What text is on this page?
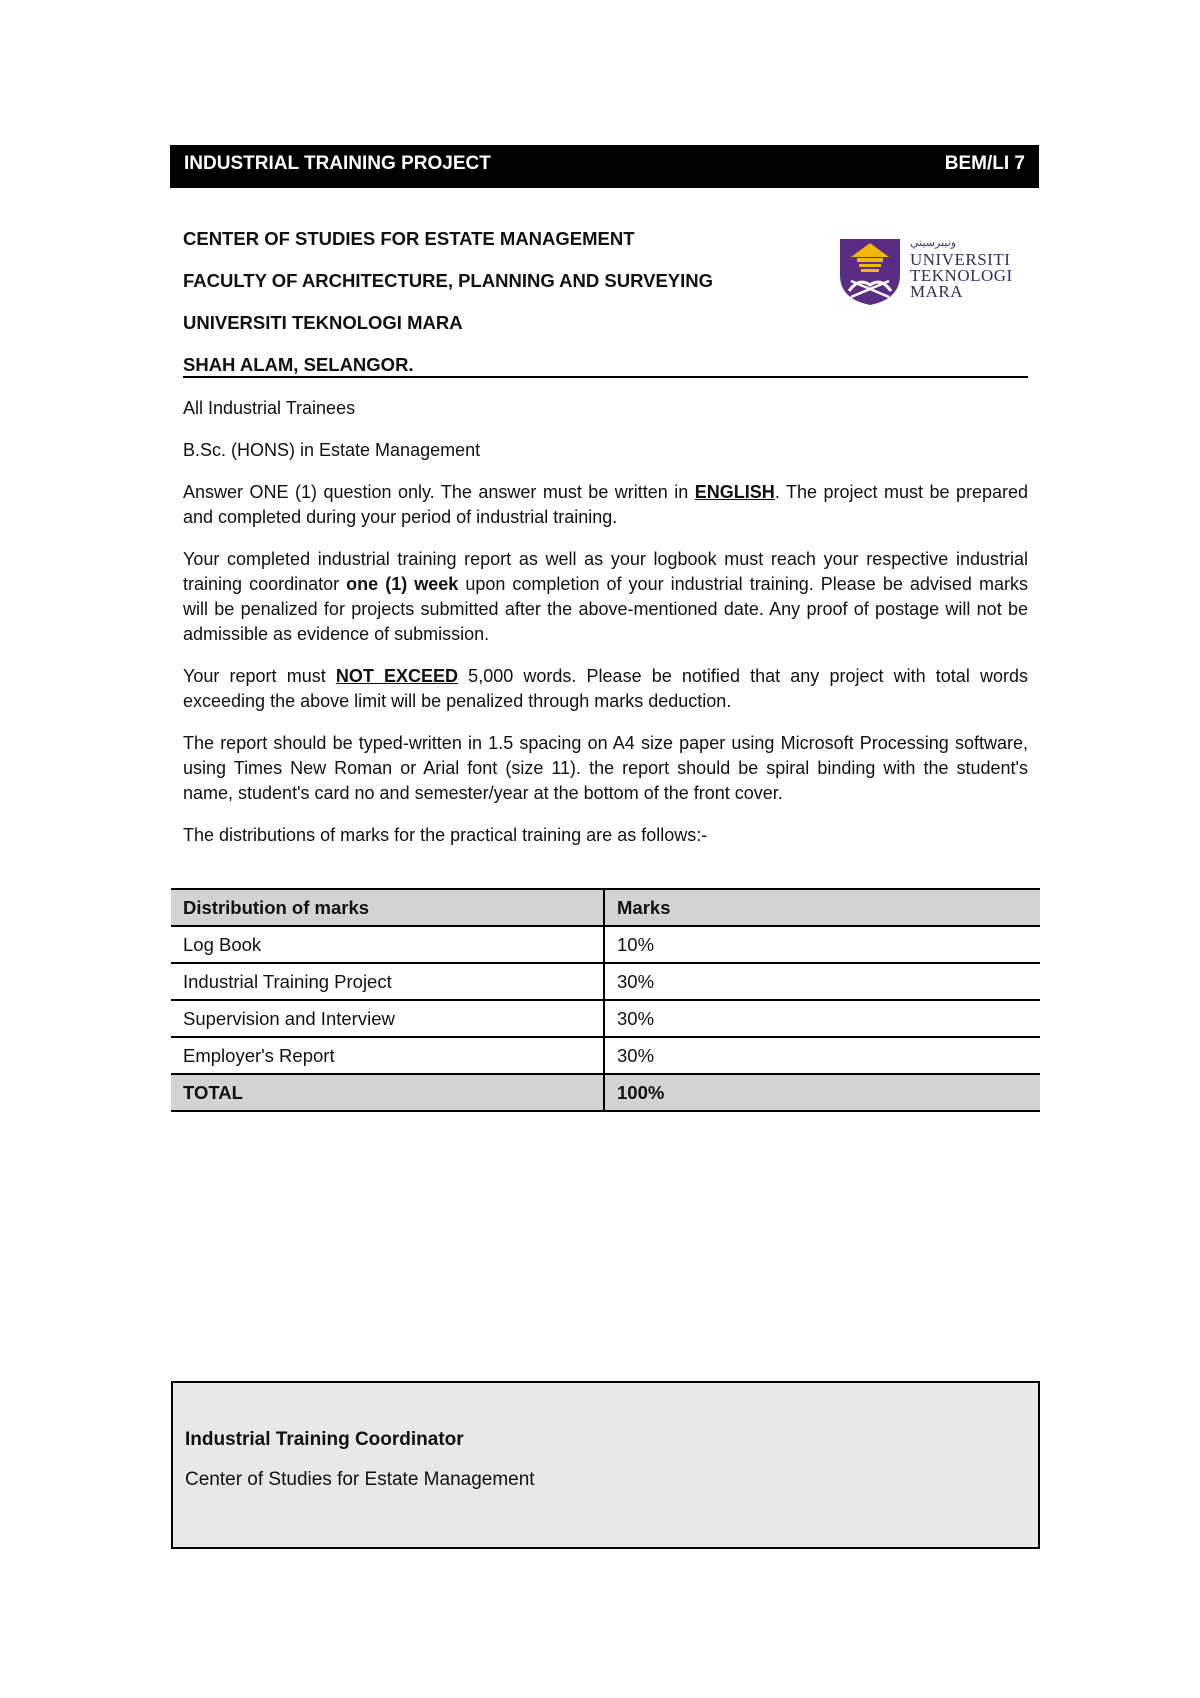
INDUSTRIAL TRAINING PROJECT	BEM/LI 7
CENTER OF STUDIES FOR ESTATE MANAGEMENT
FACULTY OF ARCHITECTURE, PLANNING AND SURVEYING
UNIVERSITI TEKNOLOGI MARA
SHAH ALAM, SELANGOR.
ﻭﻧﻴﺒﺮﺳﻴﺘﻲ
UNIVERSITI
TEKNOLOGI
MARA

All Industrial Trainees

B.Sc. (HONS) in Estate Management

Answer ONE (1) question only. The answer must be written in ENGLISH. The project must be prepared and completed during your period of industrial training.

Your completed industrial training report as well as your logbook must reach your respective industrial training coordinator one (1) week upon completion of your industrial training. Please be advised marks will be penalized for projects submitted after the above-mentioned date. Any proof of postage will not be admissible as evidence of submission.

Your report must NOT EXCEED 5,000 words. Please be notified that any project with total words exceeding the above limit will be penalized through marks deduction.

The report should be typed-written in 1.5 spacing on A4 size paper using Microsoft Processing software, using Times New Roman or Arial font (size 11). the report should be spiral binding with the student's name, student's card no and semester/year at the bottom of the front cover.

The distributions of marks for the practical training are as follows:-

Distribution of marks	Marks
Log Book	10%
Industrial Training Project	30%
Supervision and Interview	30%
Employer's Report	30%
TOTAL	100%
Industrial Training Coordinator
Center of Studies for Estate Management
